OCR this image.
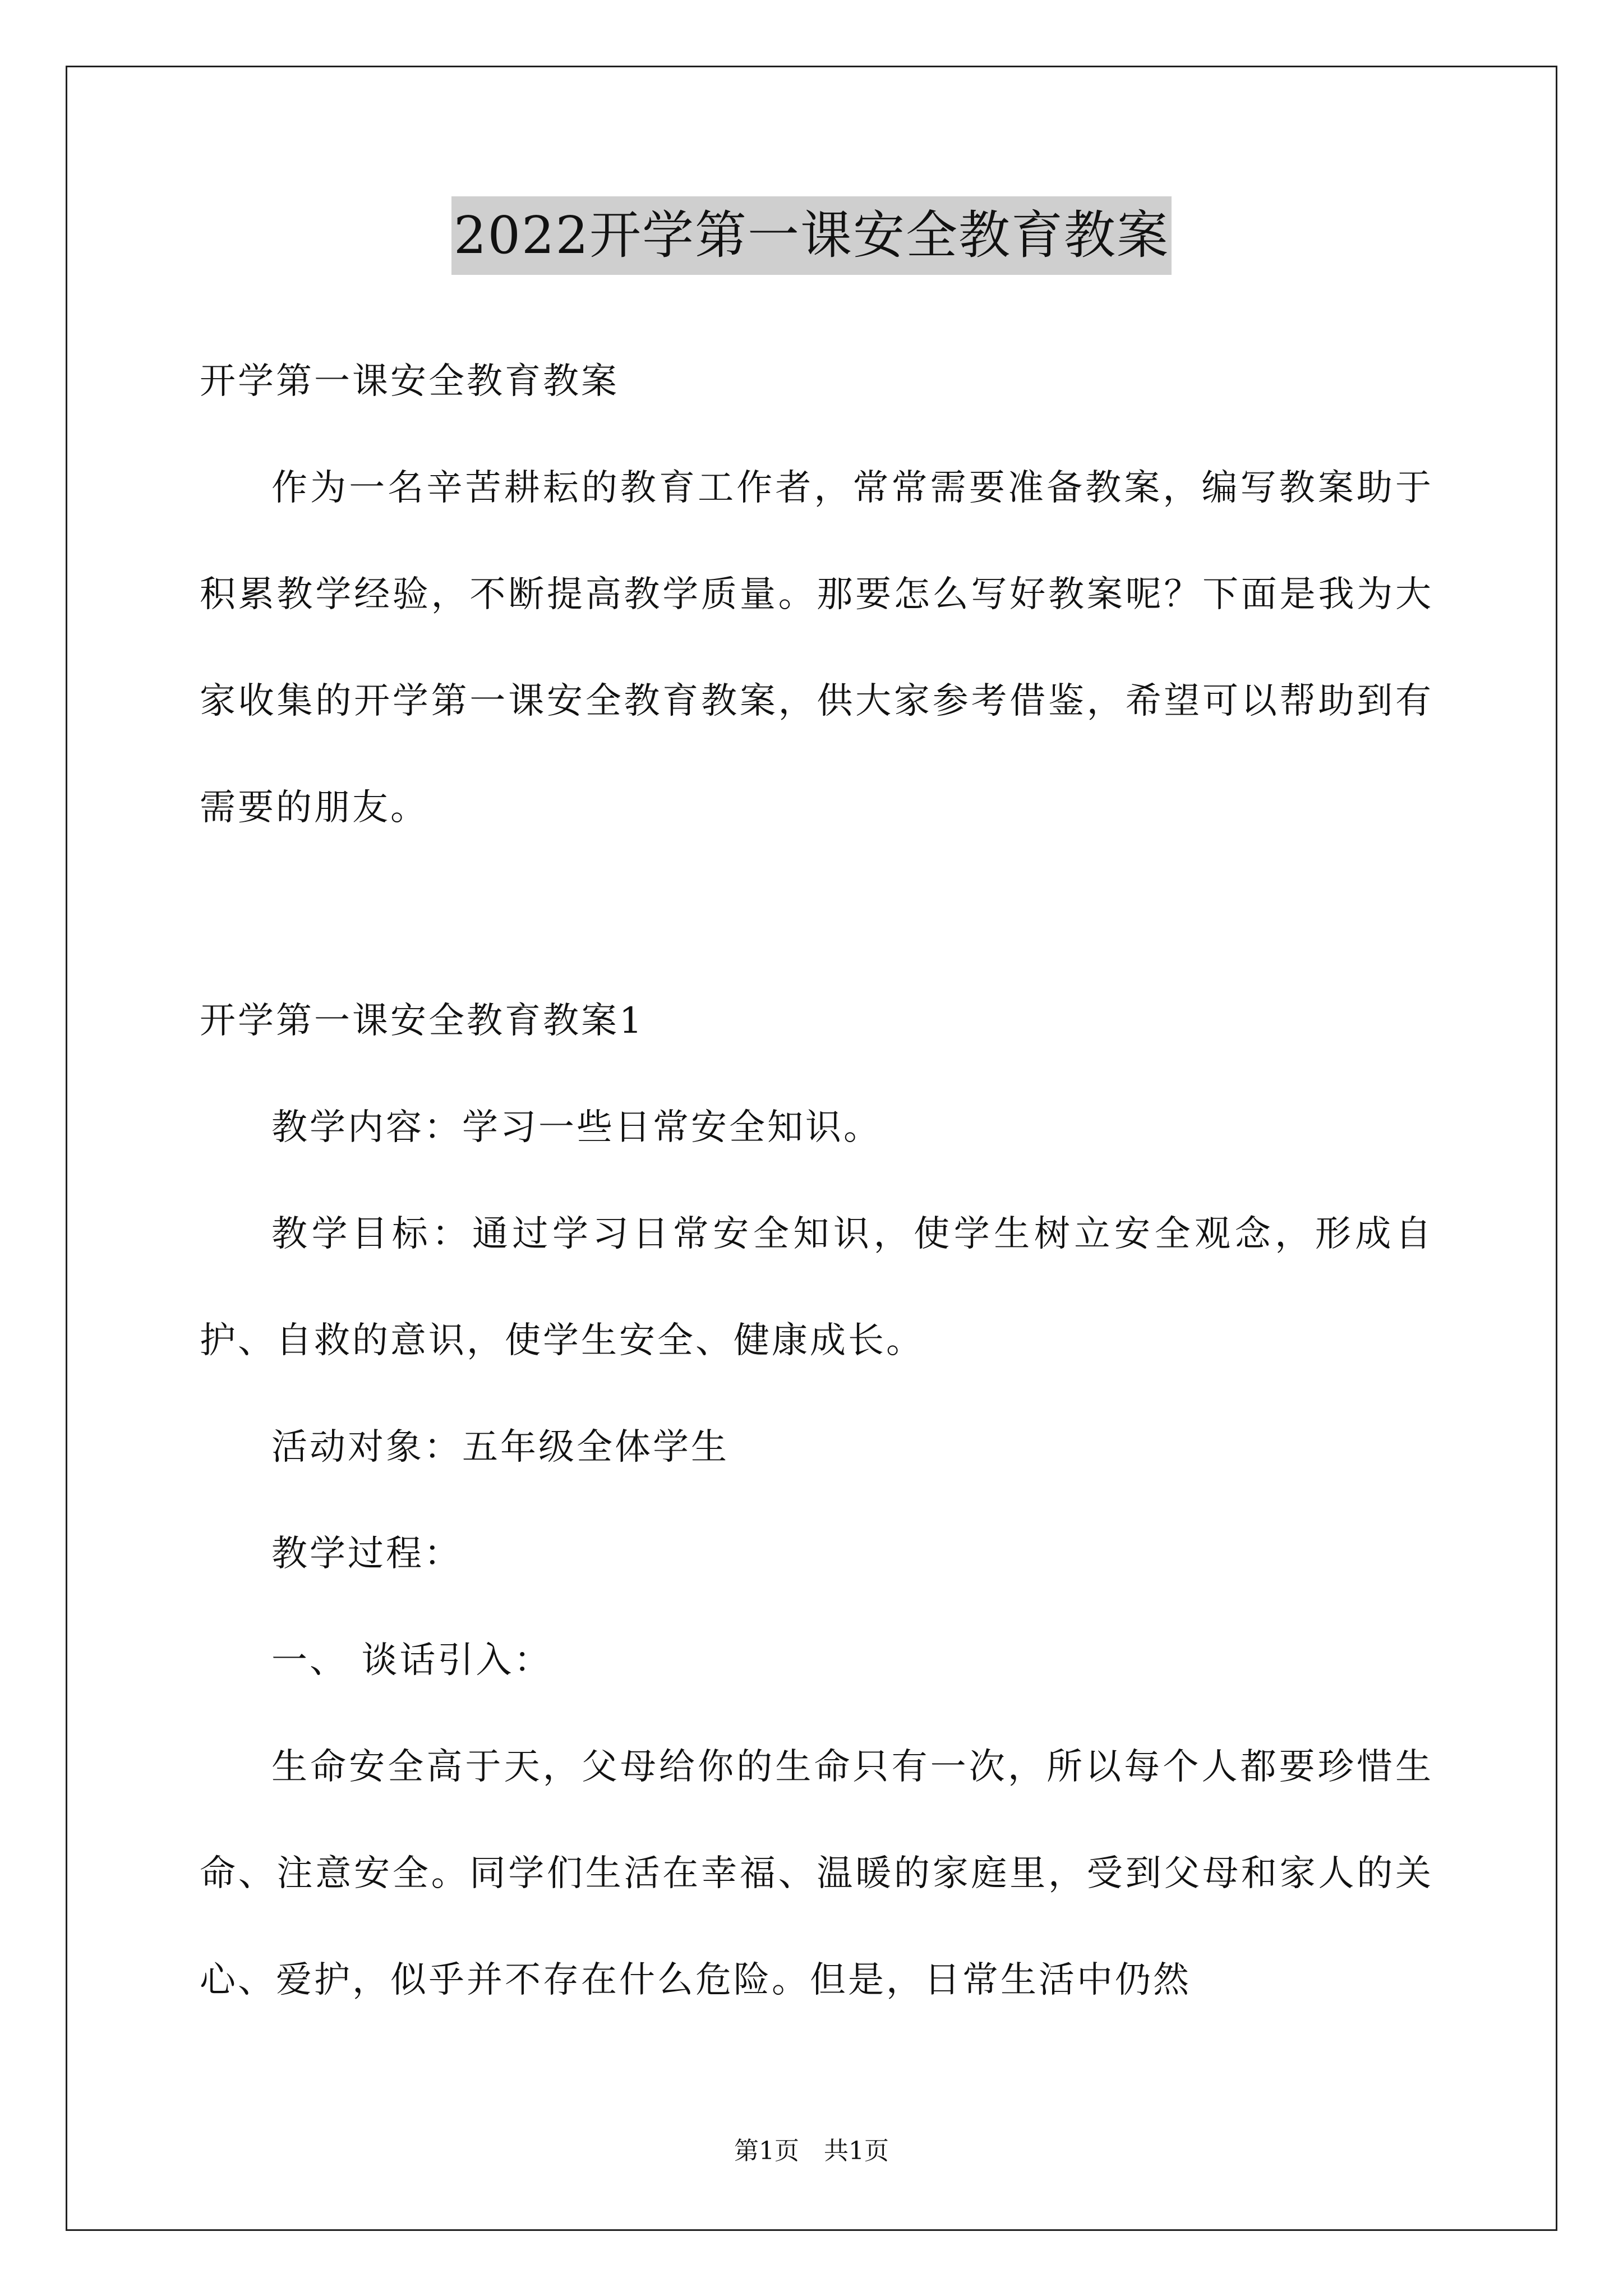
2022开学第一课安全教育教案

开学第一课安全教育教案

作为一名辛苦耕耘的教育工作者，常常需要准备教案，编写教案助于积累教学经验，不断提高教学质量。那要怎么写好教案呢？下面是我为大家收集的开学第一课安全教育教案，供大家参考借鉴，希望可以帮助到有需要的朋友。

开学第一课安全教育教案1

教学内容：学习一些日常安全知识。

教学目标：通过学习日常安全知识，使学生树立安全观念，形成自护、自救的意识，使学生安全、健康成长。

活动对象：五年级全体学生

教学过程：

一、 谈话引入：

生命安全高于天，父母给你的生命只有一次，所以每个人都要珍惜生命、注意安全。同学们生活在幸福、温暖的家庭里，受到父母和家人的关心、爱护，似乎并不存在什么危险。但是，日常生活中仍然

第1页　共1页
